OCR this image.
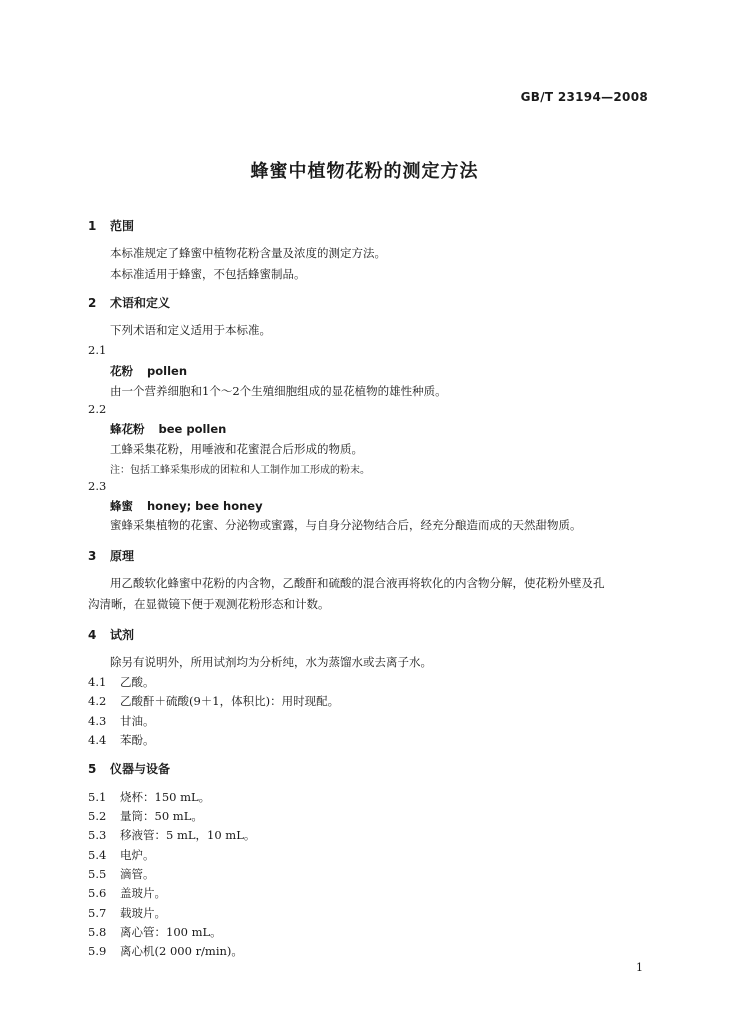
GB/T 23194—2008
蜂蜜中植物花粉的测定方法
1 范围
本标准规定了蜂蜜中植物花粉含量及浓度的测定方法。
本标准适用于蜂蜜，不包括蜂蜜制品。
2 术语和定义
下列术语和定义适用于本标准。
2.1
花粉 pollen
由一个营养细胞和1个～2个生殖细胞组成的显花植物的雄性种质。
2.2
蜂花粉 bee pollen
工蜂采集花粉，用唾液和花蜜混合后形成的物质。
注：包括工蜂采集形成的团粒和人工制作加工形成的粉末。
2.3
蜂蜜 honey; bee honey
蜜蜂采集植物的花蜜、分泌物或蜜露，与自身分泌物结合后，经充分酿造而成的天然甜物质。
3 原理
用乙酸软化蜂蜜中花粉的内含物，乙酸酐和硫酸的混合液再将软化的内含物分解，使花粉外壁及孔
沟清晰，在显微镜下便于观测花粉形态和计数。
4 试剂
除另有说明外，所用试剂均为分析纯，水为蒸馏水或去离子水。
4.1 乙酸。
4.2 乙酸酐＋硫酸(9＋1，体积比)：用时现配。
4.3 甘油。
4.4 苯酚。
5 仪器与设备
5.1 烧杯：150 mL。
5.2 量筒：50 mL。
5.3 移液管：5 mL，10 mL。
5.4 电炉。
5.5 滴管。
5.6 盖玻片。
5.7 载玻片。
5.8 离心管：100 mL。
5.9 离心机(2 000 r/min)。
1
